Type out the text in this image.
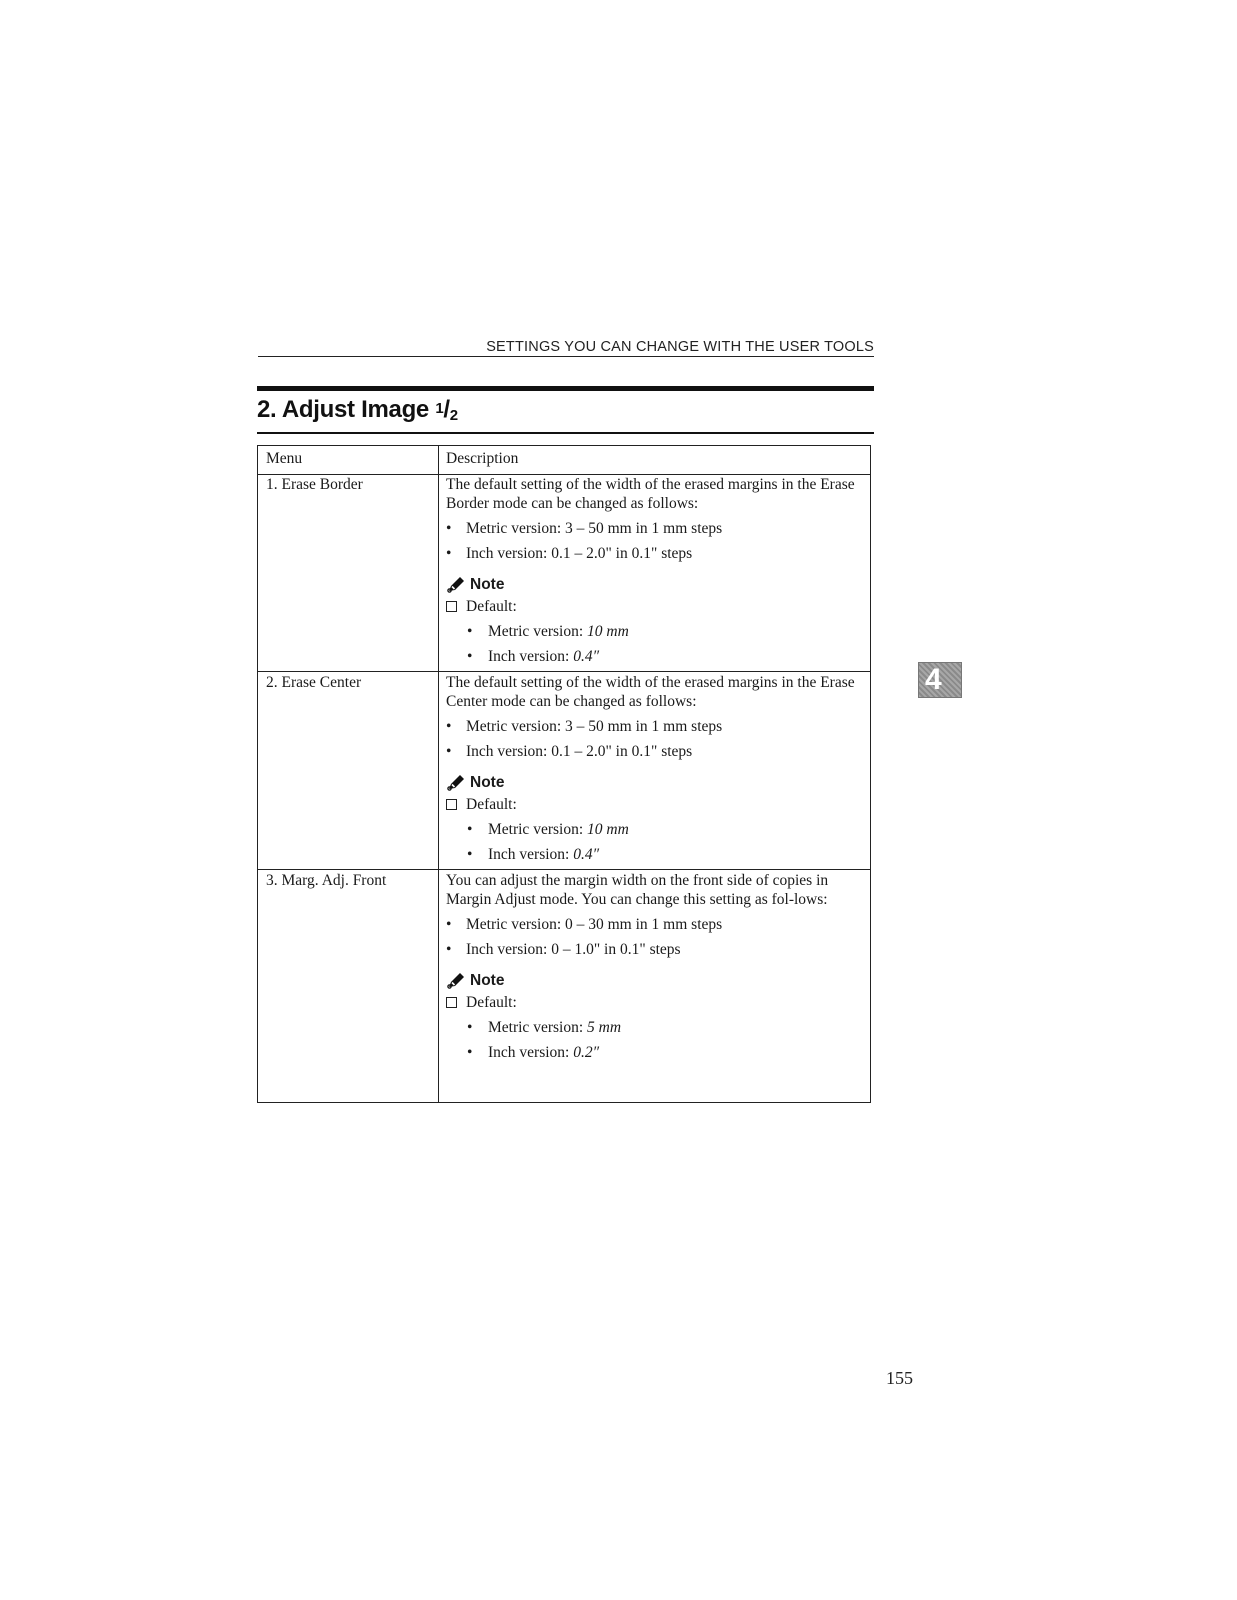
SETTINGS YOU CAN CHANGE WITH THE USER TOOLS
2. Adjust Image $^1/_2$
Menu	Description
1. Erase Border	The default setting of the width of the erased margins in the Erase Border mode can be changed as follows:

• Metric version: 3 – 50 mm in 1 mm steps
• Inch version: 0.1 – 2.0" in 0.1" steps
Note
Default:
•	Metric version: 10 mm
•	Inch version: 0.4″
2. Erase Center	The default setting of the width of the erased margins in the Erase Center mode can be changed as follows:

• Metric version: 3 – 50 mm in 1 mm steps
• Inch version: 0.1 – 2.0" in 0.1" steps
Note
Default:
•	Metric version: 10 mm
•	Inch version: 0.4″
3. Marg. Adj. Front	You can adjust the margin width on the front side of copies in Margin Adjust mode. You can change this setting as fol-lows:

• Metric version: 0 – 30 mm in 1 mm steps
• Inch version: 0 – 1.0" in 0.1" steps
Note
Default:
•	Metric version: 5 mm
•	Inch version: 0.2″
4
155
